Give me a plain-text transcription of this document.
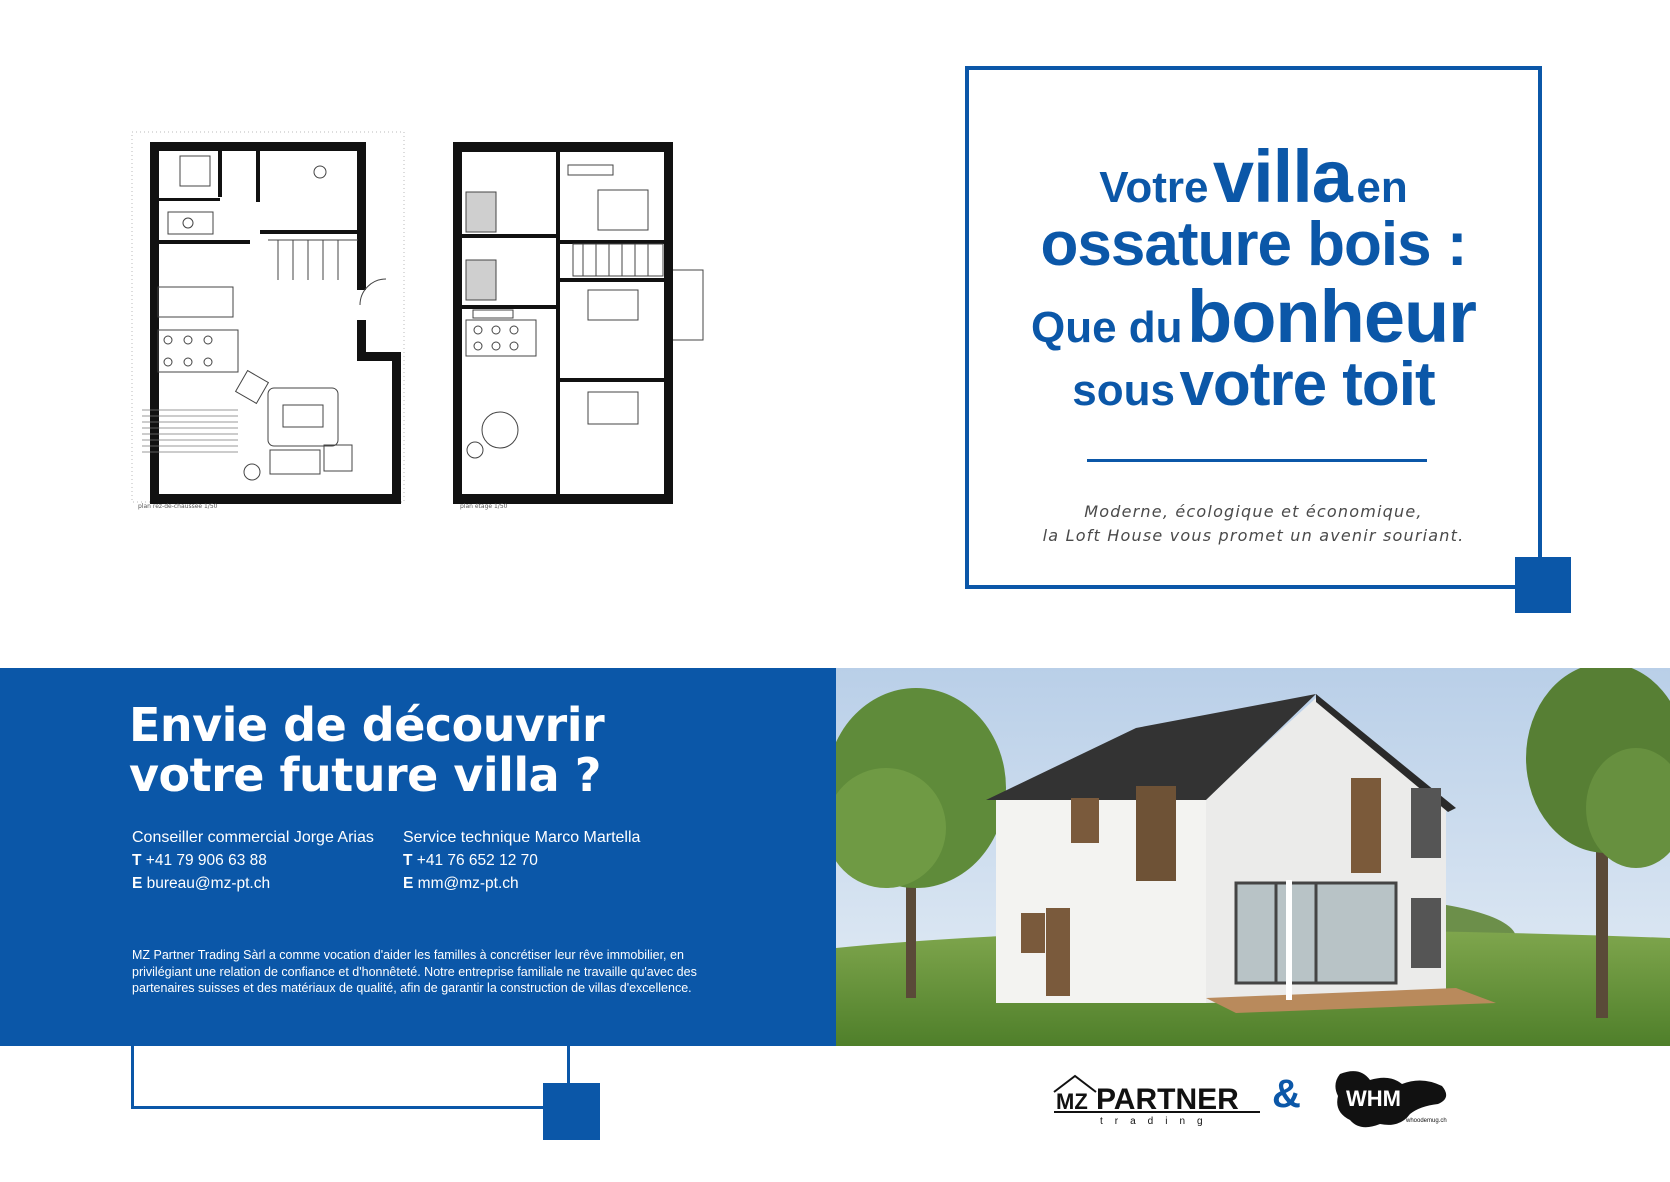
plan rez-de-chaussée 1/50	plan étage 1/50
Votre villa en
ossature bois :
Que du bonheur
sous votre toit
Moderne, écologique et économique,
la Loft House vous promet un avenir souriant.
Envie de découvrir
votre future villa ?
Conseiller commercial Jorge Arias
T +41 79 906 63 88
E bureau@mz-pt.ch
Service technique Marco Martella
T +41 76 652 12 70
E mm@mz-pt.ch
MZ Partner Trading Sàrl a comme vocation d'aider les familles à concrétiser leur rêve immobilier, en privilégiant une relation de confiance et d'honnêteté. Notre entreprise familiale ne travaille qu'avec des partenaires suisses et des matériaux de qualité, afin de garantir la construction de villas d'excellence.
MZ PARTNER
trading
WHM
whoodemug.ch
&
